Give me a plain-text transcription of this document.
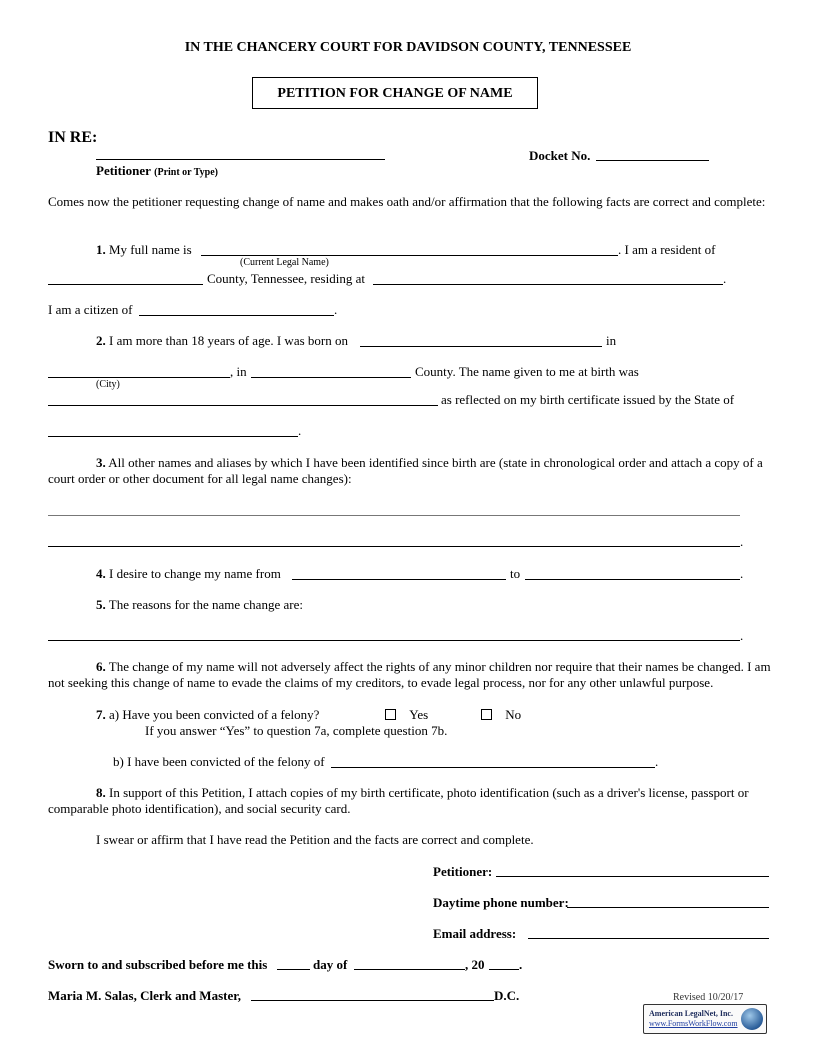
IN THE CHANCERY COURT FOR DAVIDSON COUNTY, TENNESSEE
PETITION FOR CHANGE OF NAME
IN RE:
Petitioner (Print or Type)
Docket No.
Comes now the petitioner requesting change of name and makes oath and/or affirmation that the following facts are correct and complete:
1. My full name is	. I am a resident of
(Current Legal Name)
County, Tennessee, residing at	.
I am a citizen of	.
2. I am more than 18 years of age. I was born on	in
, in	County. The name given to me at birth was
(City)
as reflected on my birth certificate issued by the State of
.
3. All other names and aliases by which I have been identified since birth are (state in chronological order and attach a copy of a court order or other document for all legal name changes):
.
4. I desire to change my name from	to	.
5. The reasons for the name change are:
.
6. The change of my name will not adversely affect the rights of any minor children nor require that their names be changed. I am not seeking this change of name to evade the claims of my creditors, to evade legal process, nor for any other unlawful purpose.
7. a) Have you been convicted of a felony?	Yes	No
If you answer “Yes” to question 7a, complete question 7b.
b) I have been convicted of the felony of	.
8. In support of this Petition, I attach copies of my birth certificate, photo identification (such as a driver's license, passport or comparable photo identification), and social security card.
I swear or affirm that I have read the Petition and the facts are correct and complete.
Petitioner:
Daytime phone number:
Email address:
Sworn to and subscribed before me this	day of	, 20	.
Maria M. Salas, Clerk and Master,	D.C.	Revised 10/20/17
American LegalNet, Inc.
www.FormsWorkFlow.com
